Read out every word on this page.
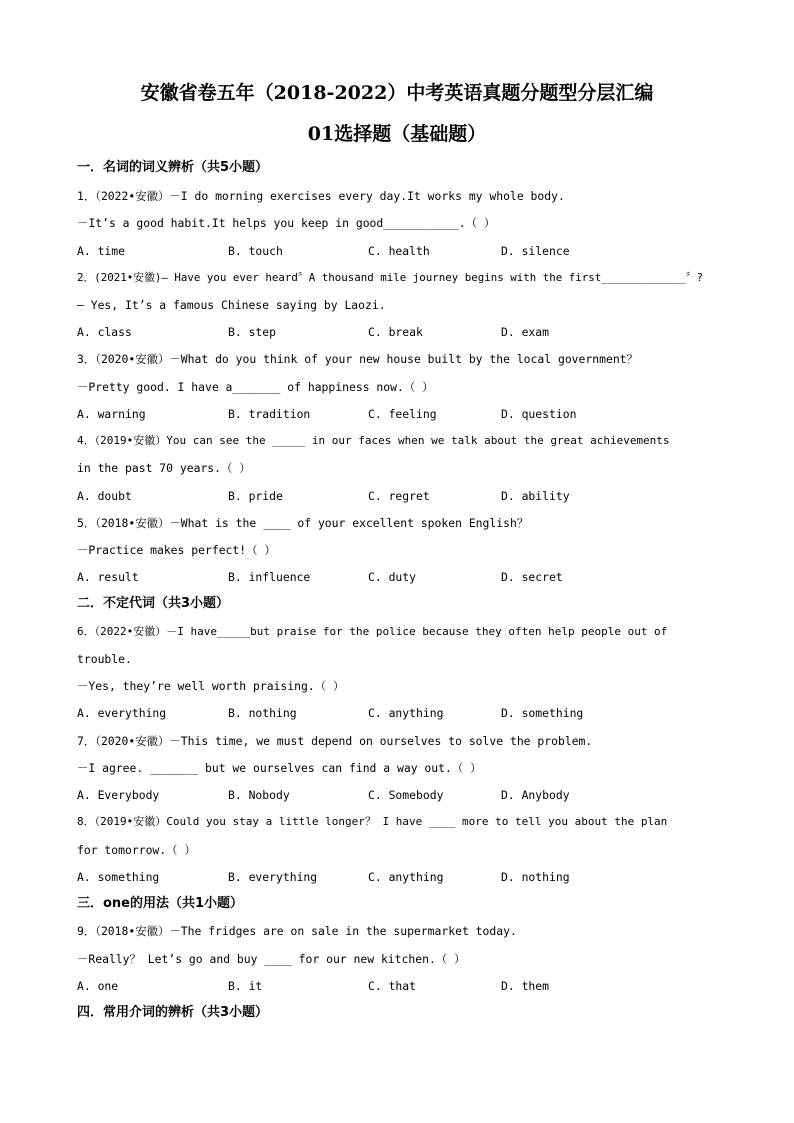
安徽省卷五年（2018-2022）中考英语真题分题型分层汇编
01选择题（基础题）
一．名词的词义辨析（共5小题）
1．（2022•安徽）－I do morning exercises every day.It works my whole body.
－It’s a good habit.It helps you keep in good___________.（ ）
A. time	B. touch	C. health	D. silence
2．(2021•安徽)— Have you ever heard〞A thousand mile journey begins with the first_____________〞?
— Yes, It’s a famous Chinese saying by Laozi.
A. class	B. step	C. break	D. exam
3．（2020•安徽）－What do you think of your new house built by the local government？
－Pretty good. I have a_______ of happiness now.（ ）
A. warning	B. tradition	C. feeling	D. question
4．（2019•安徽）You can see the _____ in our faces when we talk about the great achievements
in the past 70 years.（ ）
A. doubt	B. pride	C. regret	D. ability
5．（2018•安徽）－What is the ____ of your excellent spoken English？
－Practice makes perfect!（ ）
A. result	B. influence	C. duty	D. secret
二．不定代词（共3小题）
6．（2022•安徽）－I have_____but praise for the police because they often help people out of
trouble.
－Yes, they’re well worth praising.（ ）
A. everything	B. nothing	C. anything	D. something
7．（2020•安徽）－This time, we must depend on ourselves to solve the problem.
－I agree. _______ but we ourselves can find a way out.（ ）
A. Everybody	B. Nobody	C. Somebody	D. Anybody
8．（2019•安徽）Could you stay a little longer？ I have ____ more to tell you about the plan
for tomorrow.（ ）
A. something	B. everything	C. anything	D. nothing
三．one的用法（共1小题）
9．（2018•安徽）－The fridges are on sale in the supermarket today.
－Really？ Let’s go and buy ____ for our new kitchen.（ ）
A. one	B. it	C. that	D. them
四．常用介词的辨析（共3小题）
